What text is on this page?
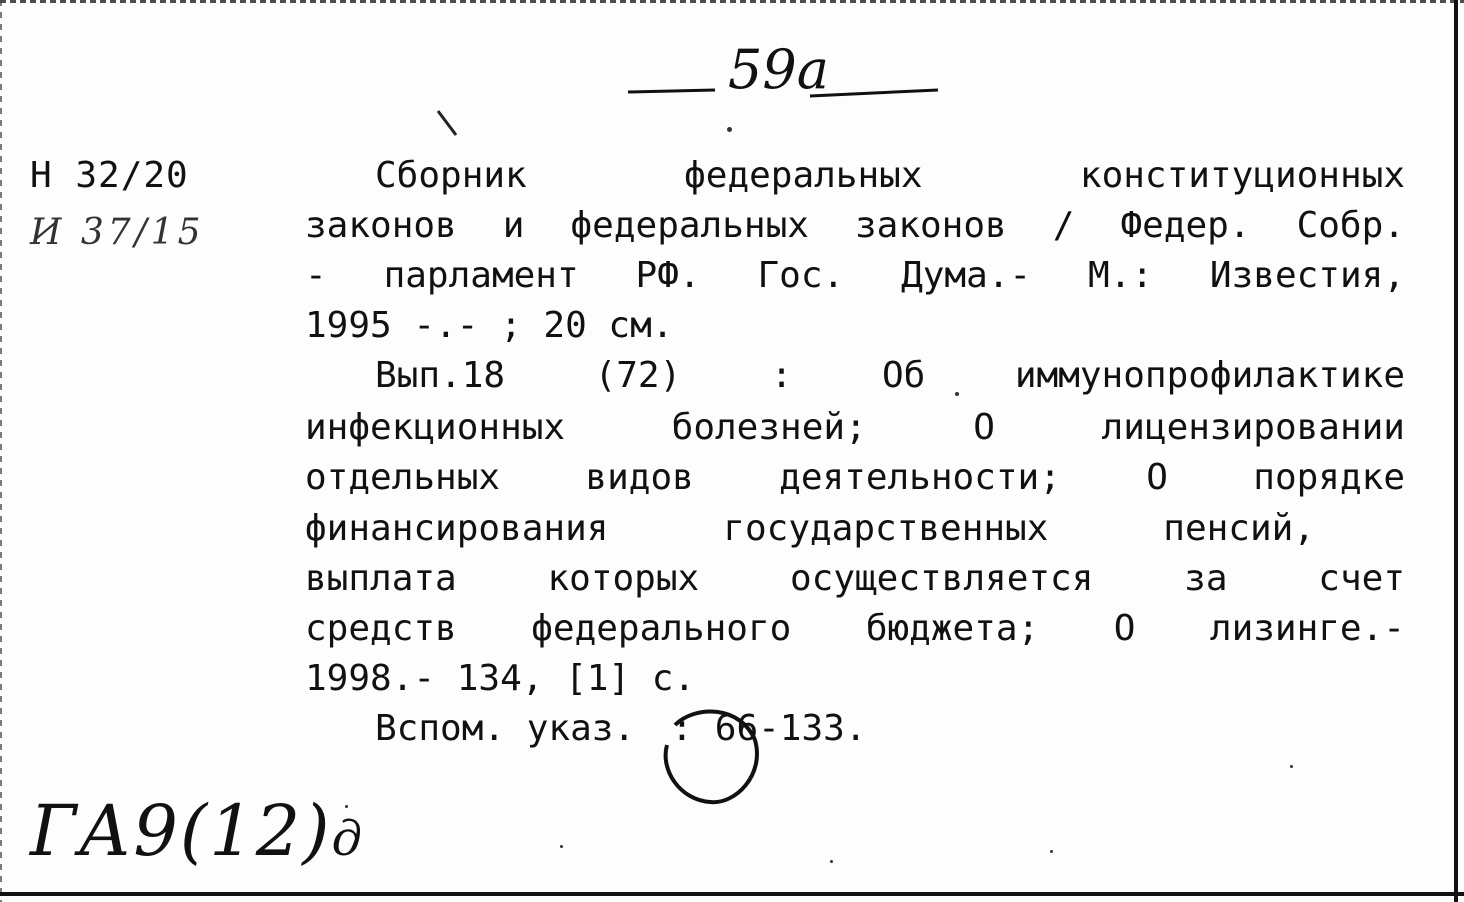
59а
Н 32/20
И 37/15
Сборник	федеральных	конституционных
законов и федеральных законов / Федер. Собр.
- парламент РФ. Гос. Дума.- М.: Известия,
1995 -.- ; 20 см.
Вып.18 (72) : Об иммунопрофилактике
инфекционных	болезней;	О	лицензировании
отдельных видов деятельности; О порядке
финансирования	государственных	пенсий,
выплата	которых	осуществляется	за	счет
средств федерального бюджета; О лизинге.-
1998.- 134, [1] с.
Вспом. указ. : 66-133.
ГА9(12)д
